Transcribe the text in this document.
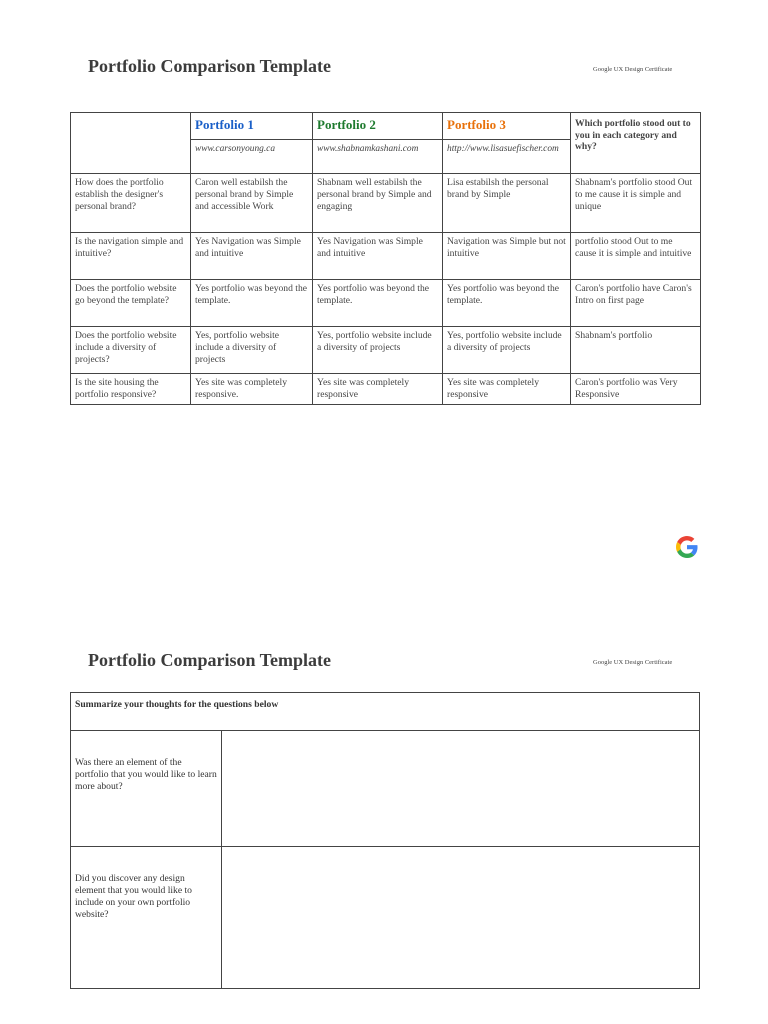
Portfolio Comparison Template	Google UX Design Certificate
	Portfolio 1	Portfolio 2	Portfolio 3	Which portfolio stood out to you in each category and why?
	www.carsonyoung.ca	www.shabnamkashani.com	http://www.lisasuefischer.com	
How does the portfolio establish the designer's personal brand?	Caron well estabilsh the personal brand by Simple and accessible Work	Shabnam well estabilsh the personal brand by Simple and engaging	Lisa estabilsh the personal brand by Simple	Shabnam's portfolio stood Out to me cause it is simple and unique
Is the navigation simple and intuitive?	Yes Navigation was Simple and intuitive	Yes Navigation was Simple and intuitive	Navigation was Simple but not intuitive	portfolio stood Out to me cause it is simple and intuitive
Does the portfolio website go beyond the template?	Yes portfolio was beyond the template.	Yes portfolio was beyond the template.	Yes portfolio was beyond the template.	Caron's portfolio have Caron's Intro on first page
Does the portfolio website include a diversity of projects?	Yes, portfolio website include a diversity of projects	Yes, portfolio website include a diversity of projects	Yes, portfolio website include a diversity of projects	Shabnam's portfolio
Is the site housing the portfolio responsive?	Yes site was completely responsive.	Yes site was completely responsive	Yes site was completely responsive	Caron's portfolio was Very Responsive
Portfolio Comparison Template	Google UX Design Certificate
Summarize your thoughts for the questions below	
Was there an element of the portfolio that you would like to learn more about?	
Did you discover any design element that you would like to include on your own portfolio website?	
